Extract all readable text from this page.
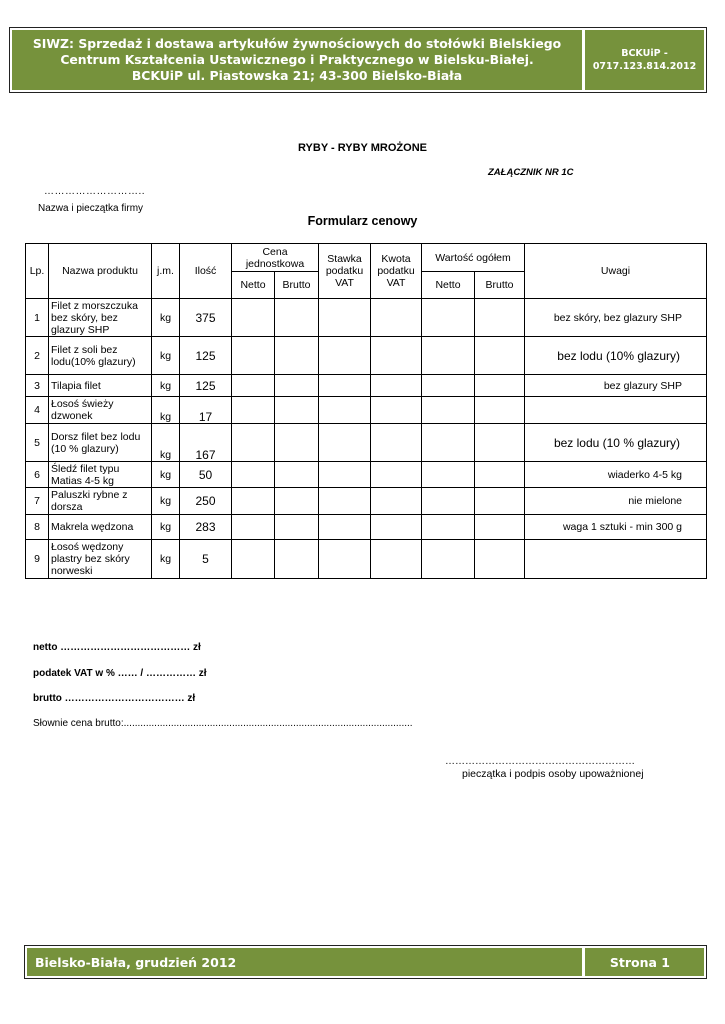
SIWZ: Sprzedaż i dostawa artykułów żywnościowych do stołówki Bielskiego
Centrum Kształcenia Ustawicznego i Praktycznego w Bielsku-Białej.
BCKUiP ul. Piastowska 21; 43-300 Bielsko-Biała
BCKUiP -
0717.123.814.2012
RYBY - RYBY MROŻONE
ZAŁĄCZNIK NR 1C
………………………..
Nazwa i pieczątka firmy
Formularz cenowy
Lp.	Nazwa produktu	j.m.	Ilość	Cena jednostkowa		Stawka podatku VAT	Kwota podatku VAT	Wartość ogółem		Uwagi
				Netto	Brutto			Netto	Brutto	
1	Filet z morszczuka bez skóry, bez glazury SHP	kg	375							bez skóry, bez glazury SHP
2	Filet z soli bez lodu(10% glazury)	kg	125							bez lodu (10% glazury)
3	Tilapia filet	kg	125							bez glazury SHP
4	Łosoś świeży dzwonek	kg	17							
5	Dorsz filet bez lodu (10 % glazury)	kg	167							bez lodu (10 % glazury)
6	Śledź filet typu Matias 4-5 kg	kg	50							wiaderko 4-5 kg
7	Paluszki rybne z dorsza	kg	250							nie mielone
8	Makrela wędzona	kg	283							waga 1 sztuki - min 300 g
9	Łosoś wędzony plastry bez skóry norweski	kg	5							
netto ………………………………… zł
podatek VAT w % …… / …………… zł
brutto ……………………………… zł
Słownie cena brutto:........................................................................................................
…………………………………………………
pieczątka i podpis osoby upoważnionej
Bielsko-Biała, grudzień 2012	Strona 1
